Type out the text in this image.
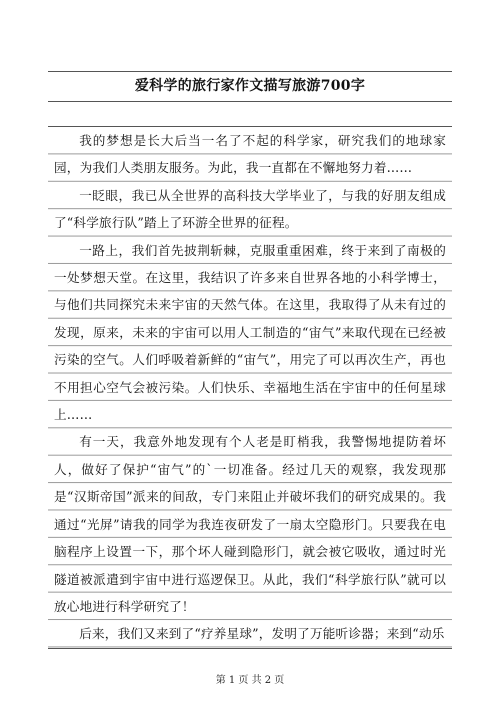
爱科学的旅行家作文描写旅游700字

我的梦想是长大后当一名了不起的科学家，研究我们的地球家园，为我们人类朋友服务。为此，我一直都在不懈地努力着……

一眨眼，我已从全世界的高科技大学毕业了，与我的好朋友组成了“科学旅行队”踏上了环游全世界的征程。

一路上，我们首先披荆斩棘，克服重重困难，终于来到了南极的一处梦想天堂。在这里，我结识了许多来自世界各地的小科学博士，与他们共同探究未来宇宙的天然气体。在这里，我取得了从未有过的发现，原来，未来的宇宙可以用人工制造的“宙气”来取代现在已经被污染的空气。人们呼吸着新鲜的“宙气”，用完了可以再次生产，再也不用担心空气会被污染。人们快乐、幸福地生活在宇宙中的任何星球上……

有一天，我意外地发现有个人老是盯梢我，我警惕地提防着坏人，做好了保护“宙气”的`一切准备。经过几天的观察，我发现那是“汉斯帝国”派来的间敌，专门来阻止并破坏我们的研究成果的。我通过“光屏”请我的同学为我连夜研发了一扇太空隐形门。只要我在电脑程序上设置一下，那个坏人碰到隐形门，就会被它吸收，通过时光隧道被派遣到宇宙中进行巡逻保卫。从此，我们“科学旅行队”就可以放心地进行科学研究了！

后来，我们又来到了“疗养星球”，发明了万能听诊器；来到“动乐

第 1 页 共 2 页
